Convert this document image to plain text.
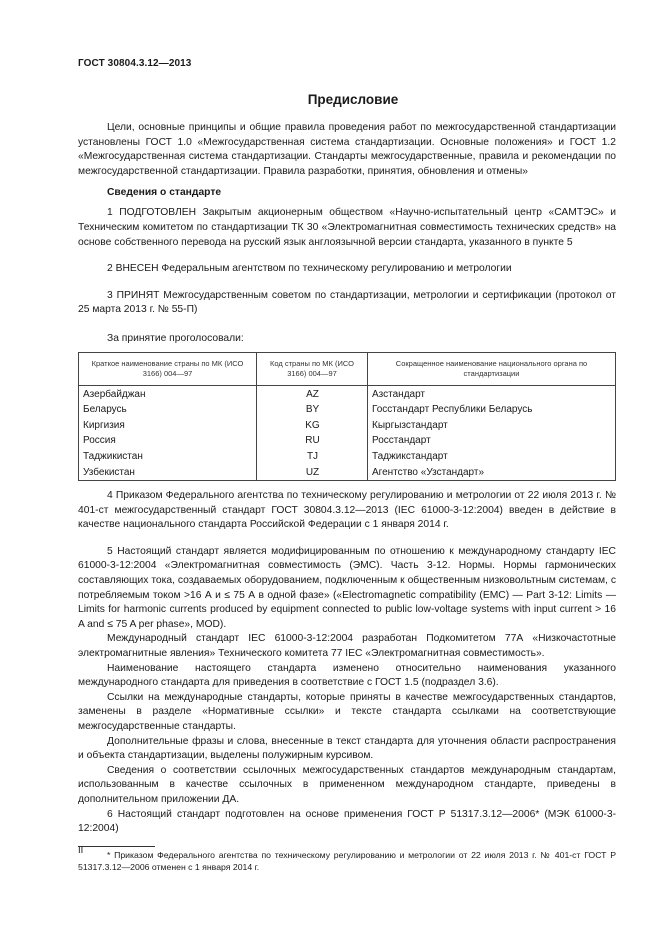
ГОСТ 30804.3.12—2013
Предисловие

Цели, основные принципы и общие правила проведения работ по межгосударственной стандартизации установлены ГОСТ 1.0 «Межгосударственная система стандартизации. Основные положения» и ГОСТ 1.2 «Межгосударственная система стандартизации. Стандарты межгосударственные, правила и рекомендации по межгосударственной стандартизации. Правила разработки, принятия, обновления и отмены»

Сведения о стандарте

1 ПОДГОТОВЛЕН Закрытым акционерным обществом «Научно-испытательный центр «САМТЭС» и Техническим комитетом по стандартизации ТК 30 «Электромагнитная совместимость технических средств» на основе собственного перевода на русский язык англоязычной версии стандарта, указанного в пункте 5

2 ВНЕСЕН Федеральным агентством по техническому регулированию и метрологии

3 ПРИНЯТ Межгосударственным советом по стандартизации, метрологии и сертификации (протокол от 25 марта 2013 г. № 55-П)

За принятие проголосовали:

Краткое наименование страны по МК (ИСО 3166) 004—97	Код страны по МК (ИСО 3166) 004—97	Сокращенное наименование национального органа по стандартизации
Азербайджан	AZ	Азстандарт
Беларусь	BY	Госстандарт Республики Беларусь
Киргизия	KG	Кыргызстандарт
Россия	RU	Росстандарт
Таджикистан	TJ	Таджикстандарт
Узбекистан	UZ	Агентство «Узстандарт»

4 Приказом Федерального агентства по техническому регулированию и метрологии от 22 июля 2013 г. № 401-ст межгосударственный стандарт ГОСТ 30804.3.12—2013 (IEC 61000-3-12:2004) введен в действие в качестве национального стандарта Российской Федерации с 1 января 2014 г.

5 Настоящий стандарт является модифицированным по отношению к международному стандарту IEC 61000-3-12:2004 «Электромагнитная совместимость (ЭМС). Часть 3-12. Нормы. Нормы гармонических составляющих тока, создаваемых оборудованием, подключенным к общественным низковольтным системам, с потребляемым током >16 А и ≤ 75 А в одной фазе» («Electromagnetic compatibility (EMC) — Part 3-12: Limits — Limits for harmonic currents produced by equipment connected to public low-voltage systems with input current > 16 A and ≤ 75 A per phase», MOD).

Международный стандарт IEC 61000-3-12:2004 разработан Подкомитетом 77А «Низкочастотные электромагнитные явления» Технического комитета 77 IEC «Электромагнитная совместимость».

Наименование настоящего стандарта изменено относительно наименования указанного международного стандарта для приведения в соответствие с ГОСТ 1.5 (подраздел 3.6).

Ссылки на международные стандарты, которые приняты в качестве межгосударственных стандартов, заменены в разделе «Нормативные ссылки» и тексте стандарта ссылками на соответствующие межгосударственные стандарты.

Дополнительные фразы и слова, внесенные в текст стандарта для уточнения области распространения и объекта стандартизации, выделены полужирным курсивом.

Сведения о соответствии ссылочных межгосударственных стандартов международным стандартам, использованным в качестве ссылочных в примененном международном стандарте, приведены в дополнительном приложении ДА.

6 Настоящий стандарт подготовлен на основе применения ГОСТ Р 51317.3.12—2006* (МЭК 61000-3-12:2004)

* Приказом Федерального агентства по техническому регулированию и метрологии от 22 июля 2013 г. № 401-ст ГОСТ Р 51317.3.12—2006 отменен с 1 января 2014 г.

II
